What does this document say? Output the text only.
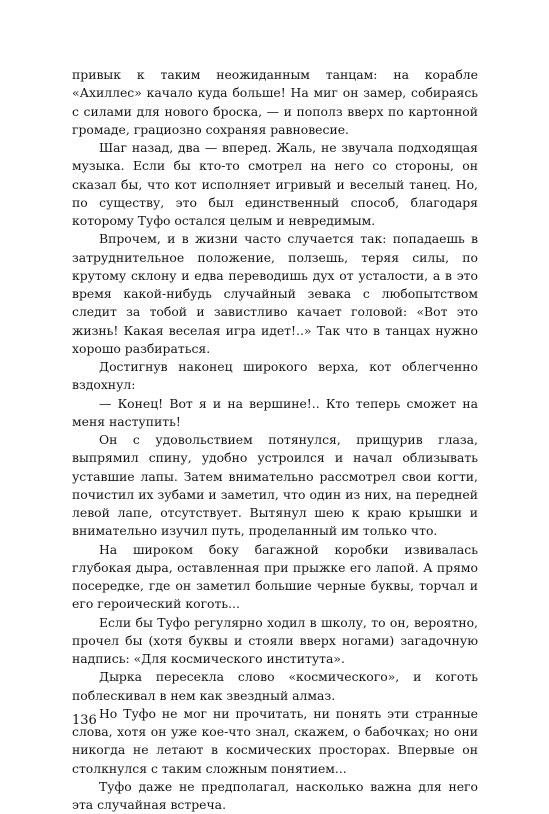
привык к таким неожиданным танцам: на корабле «Ахиллес» качало куда больше! На миг он замер, собираясь с силами для нового броска, — и пополз вверх по картонной громаде, грациозно сохраняя равновесие.

Шаг назад, два — вперед. Жаль, не звучала подходящая музыка. Если бы кто-то смотрел на него со стороны, он сказал бы, что кот исполняет игривый и веселый танец. Но, по существу, это был единственный способ, благодаря которому Туфо остался целым и невредимым.

Впрочем, и в жизни часто случается так: попадаешь в затруднительное положение, ползешь, теряя силы, по крутому склону и едва переводишь дух от усталости, а в это время какой-нибудь случайный зевака с любопытством следит за тобой и завистливо качает головой: «Вот это жизнь! Какая веселая игра идет!..» Так что в танцах нужно хорошо разбираться.

Достигнув наконец широкого верха, кот облегченно вздохнул:

— Конец! Вот я и на вершине!.. Кто теперь сможет на меня наступить!

Он с удовольствием потянулся, прищурив глаза, выпрямил спину, удобно устроился и начал облизывать уставшие лапы. Затем внимательно рассмотрел свои когти, почистил их зубами и заметил, что один из них, на передней левой лапе, отсутствует. Вытянул шею к краю крышки и внимательно изучил путь, проделанный им только что.

На широком боку багажной коробки извивалась глубокая дыра, оставленная при прыжке его лапой. А прямо посередке, где он заметил большие черные буквы, торчал и его героический коготь...

Если бы Туфо регулярно ходил в школу, то он, вероятно, прочел бы (хотя буквы и стояли вверх ногами) загадочную надпись: «Для космического института».

Дырка пересекла слово «космического», и коготь поблескивал в нем как звездный алмаз.

Но Туфо не мог ни прочитать, ни понять эти странные слова, хотя он уже кое-что знал, скажем, о бабочках; но они никогда не летают в космических просторах. Впервые он столкнулся с таким сложным понятием...

Туфо даже не предполагал, насколько важна для него эта случайная встреча.

136
